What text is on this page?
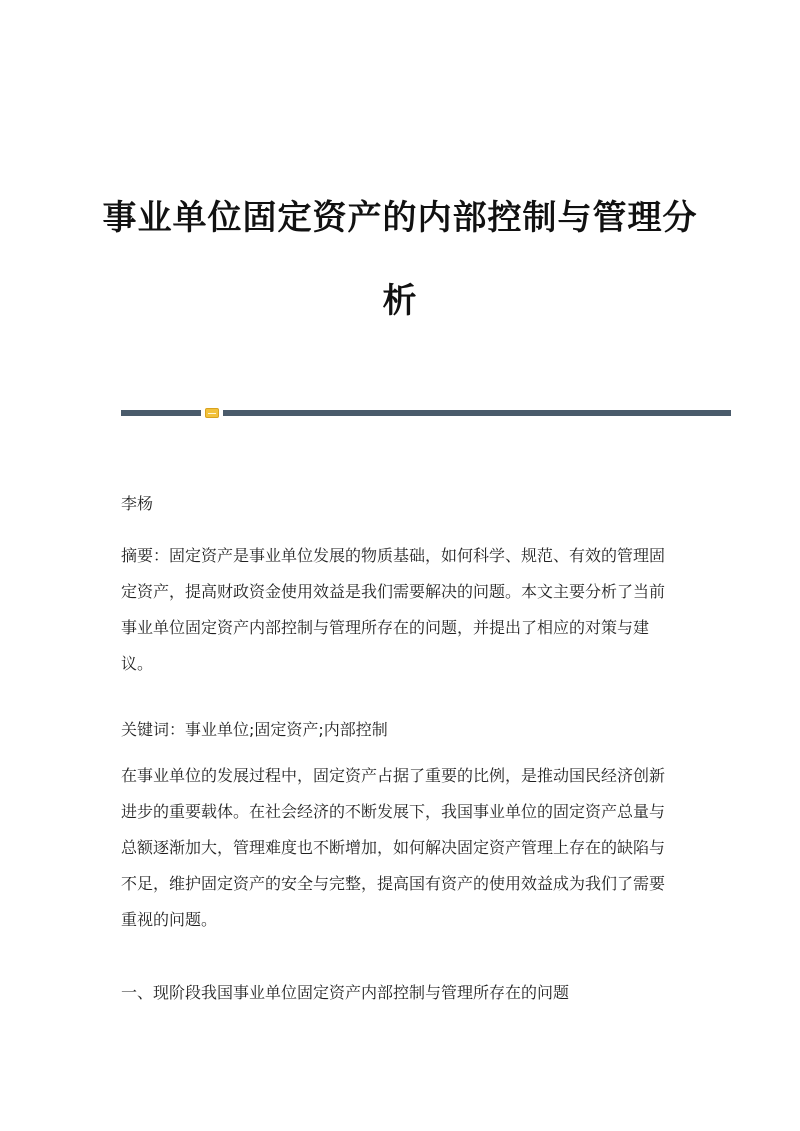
事业单位固定资产的内部控制与管理分
析
李杨
摘要：固定资产是事业单位发展的物质基础，如何科学、规范、有效的管理固
定资产，提高财政资金使用效益是我们需要解决的问题。本文主要分析了当前
事业单位固定资产内部控制与管理所存在的问题，并提出了相应的对策与建
议。
关键词：事业单位;固定资产;内部控制
在事业单位的发展过程中，固定资产占据了重要的比例，是推动国民经济创新
进步的重要载体。在社会经济的不断发展下，我国事业单位的固定资产总量与
总额逐渐加大，管理难度也不断增加，如何解决固定资产管理上存在的缺陷与
不足，维护固定资产的安全与完整，提高国有资产的使用效益成为我们了需要
重视的问题。
一、现阶段我国事业单位固定资产内部控制与管理所存在的问题
